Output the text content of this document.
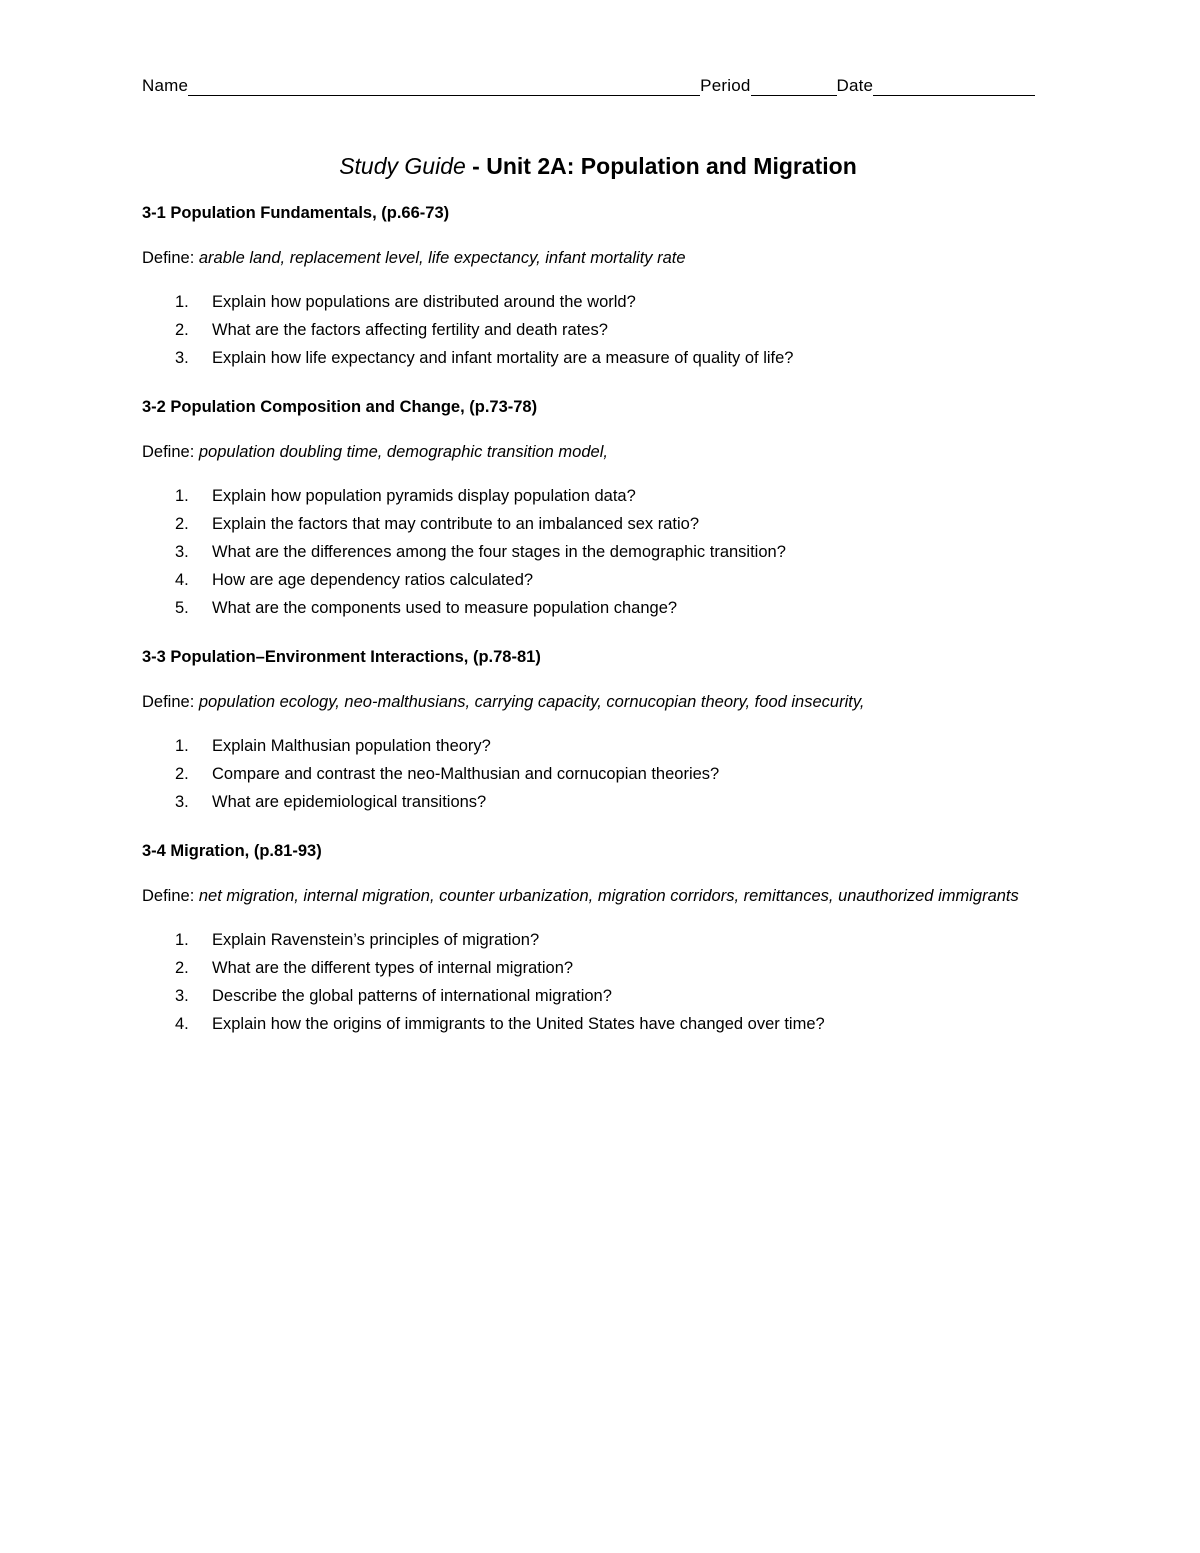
Name	Period	Date
Study Guide - Unit 2A: Population and Migration
3-1 Population Fundamentals, (p.66-73)
Define: arable land, replacement level, life expectancy, infant mortality rate
1.	Explain how populations are distributed around the world?
2.	What are the factors affecting fertility and death rates?
3.	Explain how life expectancy and infant mortality are a measure of quality of life?
3-2 Population Composition and Change, (p.73-78)
Define: population doubling time, demographic transition model,
1.	Explain how population pyramids display population data?
2.	Explain the factors that may contribute to an imbalanced sex ratio?
3.	What are the differences among the four stages in the demographic transition?
4.	How are age dependency ratios calculated?
5.	What are the components used to measure population change?
3-3 Population–Environment Interactions, (p.78-81)
Define: population ecology, neo-malthusians, carrying capacity, cornucopian theory, food insecurity,
1.	Explain Malthusian population theory?
2.	Compare and contrast the neo-Malthusian and cornucopian theories?
3.	What are epidemiological transitions?
3-4 Migration, (p.81-93)
Define: net migration, internal migration, counter urbanization, migration corridors, remittances, unauthorized immigrants
1.	Explain Ravenstein’s principles of migration?
2.	What are the different types of internal migration?
3.	Describe the global patterns of international migration?
4.	Explain how the origins of immigrants to the United States have changed over time?
